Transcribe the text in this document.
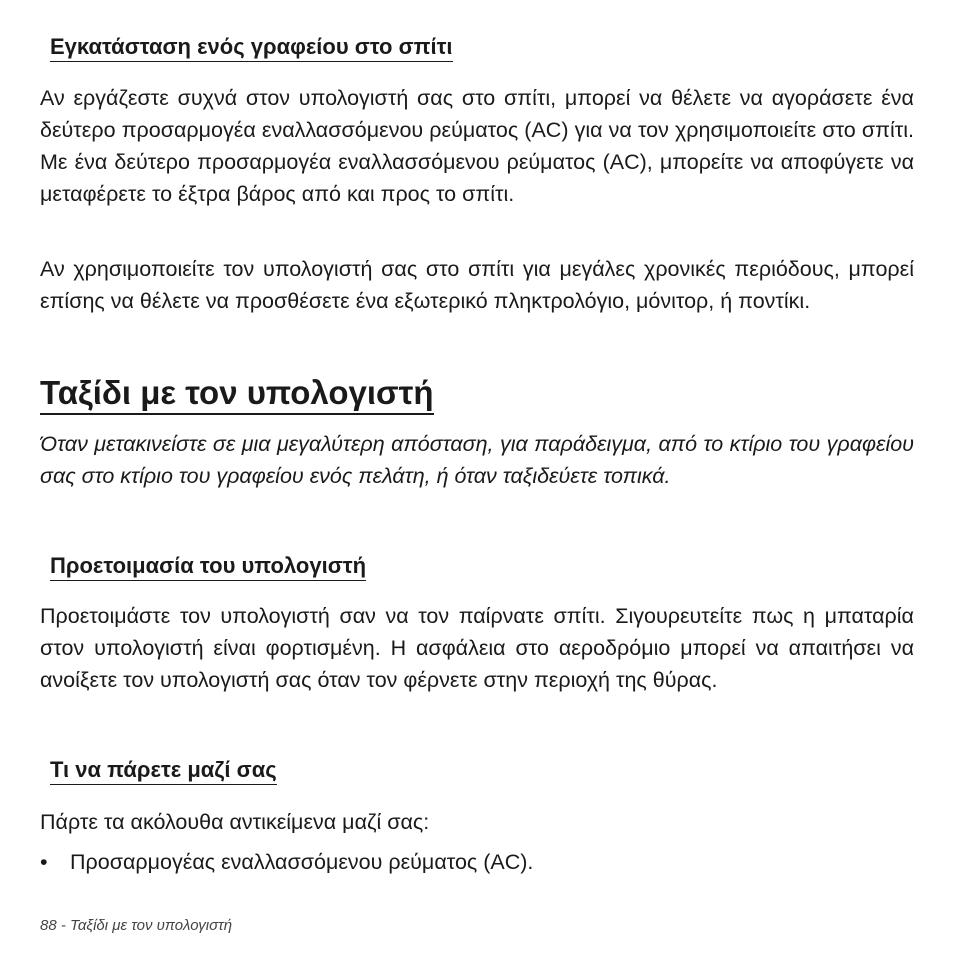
Εγκατάσταση ενός γραφείου στο σπίτι

Αν εργάζεστε συχνά στον υπολογιστή σας στο σπίτι, μπορεί να θέλετε να αγοράσετε ένα δεύτερο προσαρμογέα εναλλασσόμενου ρεύματος (AC) για να τον χρησιμοποιείτε στο σπίτι. Με ένα δεύτερο προσαρμογέα εναλλασσόμενου ρεύματος (AC), μπορείτε να αποφύγετε να μεταφέρετε το έξτρα βάρος από και προς το σπίτι.

Αν χρησιμοποιείτε τον υπολογιστή σας στο σπίτι για μεγάλες χρονικές περιόδους, μπορεί επίσης να θέλετε να προσθέσετε ένα εξωτερικό πληκτρολόγιο, μόνιτορ, ή ποντίκι.

Ταξίδι με τον υπολογιστή

Όταν μετακινείστε σε μια μεγαλύτερη απόσταση, για παράδειγμα, από το κτίριο του γραφείου σας στο κτίριο του γραφείου ενός πελάτη, ή όταν ταξιδεύετε τοπικά.

Προετοιμασία του υπολογιστή

Προετοιμάστε τον υπολογιστή σαν να τον παίρνατε σπίτι. Σιγουρευτείτε πως η μπαταρία στον υπολογιστή είναι φορτισμένη. Η ασφάλεια στο αεροδρόμιο μπορεί να απαιτήσει να ανοίξετε τον υπολογιστή σας όταν τον φέρνετε στην περιοχή της θύρας.

Τι να πάρετε μαζί σας

Πάρτε τα ακόλουθα αντικείμενα μαζί σας:

•	Προσαρμογέας εναλλασσόμενου ρεύματος (AC).
88 - Ταξίδι με τον υπολογιστή
